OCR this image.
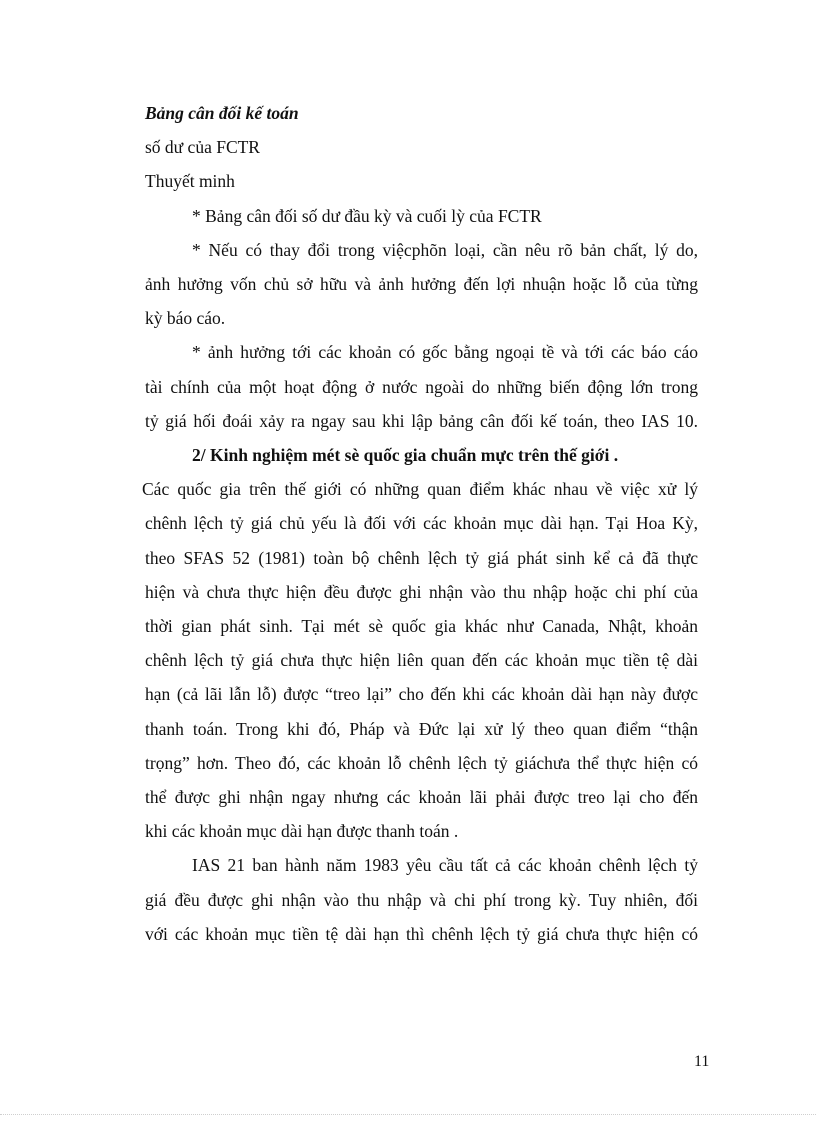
Bảng cân đối kế toán
số dư của FCTR
Thuyết minh
* Bảng cân đối số dư đầu kỳ và cuối lỳ của FCTR
* Nếu có thay đổi trong việcphõn loại, cần nêu rõ bản chất, lý do,
ảnh hưởng vốn chủ sở hữu và ảnh hưởng đến lợi nhuận hoặc lỗ của từng
kỳ báo cáo.
* ảnh hưởng tới các khoản có gốc bằng ngoại tề và tới các báo cáo
tài chính của một hoạt động ở nước ngoài do những biến động lớn trong
tỷ giá hối đoái xảy ra ngay sau khi lập bảng cân đối kế toán, theo IAS 10.
2/ Kinh nghiệm mét sè quốc gia chuẩn mực trên thế giới .
Các quốc gia trên thế giới có những quan điểm khác nhau về việc xử lý
chênh lệch tỷ giá chủ yếu là đối với các khoản mục dài hạn. Tại Hoa Kỳ,
theo SFAS 52 (1981) toàn bộ chênh lệch tỷ giá phát sinh kể cả đã thực
hiện và chưa thực hiện đều được ghi nhận vào thu nhập hoặc chi phí của
thời gian phát sinh. Tại mét sè quốc gia khác như Canada, Nhật, khoản
chênh lệch tỷ giá chưa thực hiện liên quan đến các khoản mục tiền tệ dài
hạn (cả lãi lẫn lỗ) được “treo lại” cho đến khi các khoản dài hạn này được
thanh toán. Trong khi đó, Pháp và Đức lại xử lý theo quan điểm “thận
trọng” hơn. Theo đó, các khoản lỗ chênh lệch tỷ giáchưa thể thực hiện có
thể được ghi nhận ngay nhưng các khoản lãi phải được treo lại cho đến
khi các khoản mục dài hạn được thanh toán .
IAS 21 ban hành năm 1983 yêu cầu tất cả các khoản chênh lệch tỷ
giá đều được ghi nhận vào thu nhập và chi phí trong kỳ. Tuy nhiên, đối
với các khoản mục tiền tệ dài hạn thì chênh lệch tỷ giá chưa thực hiện có
11
